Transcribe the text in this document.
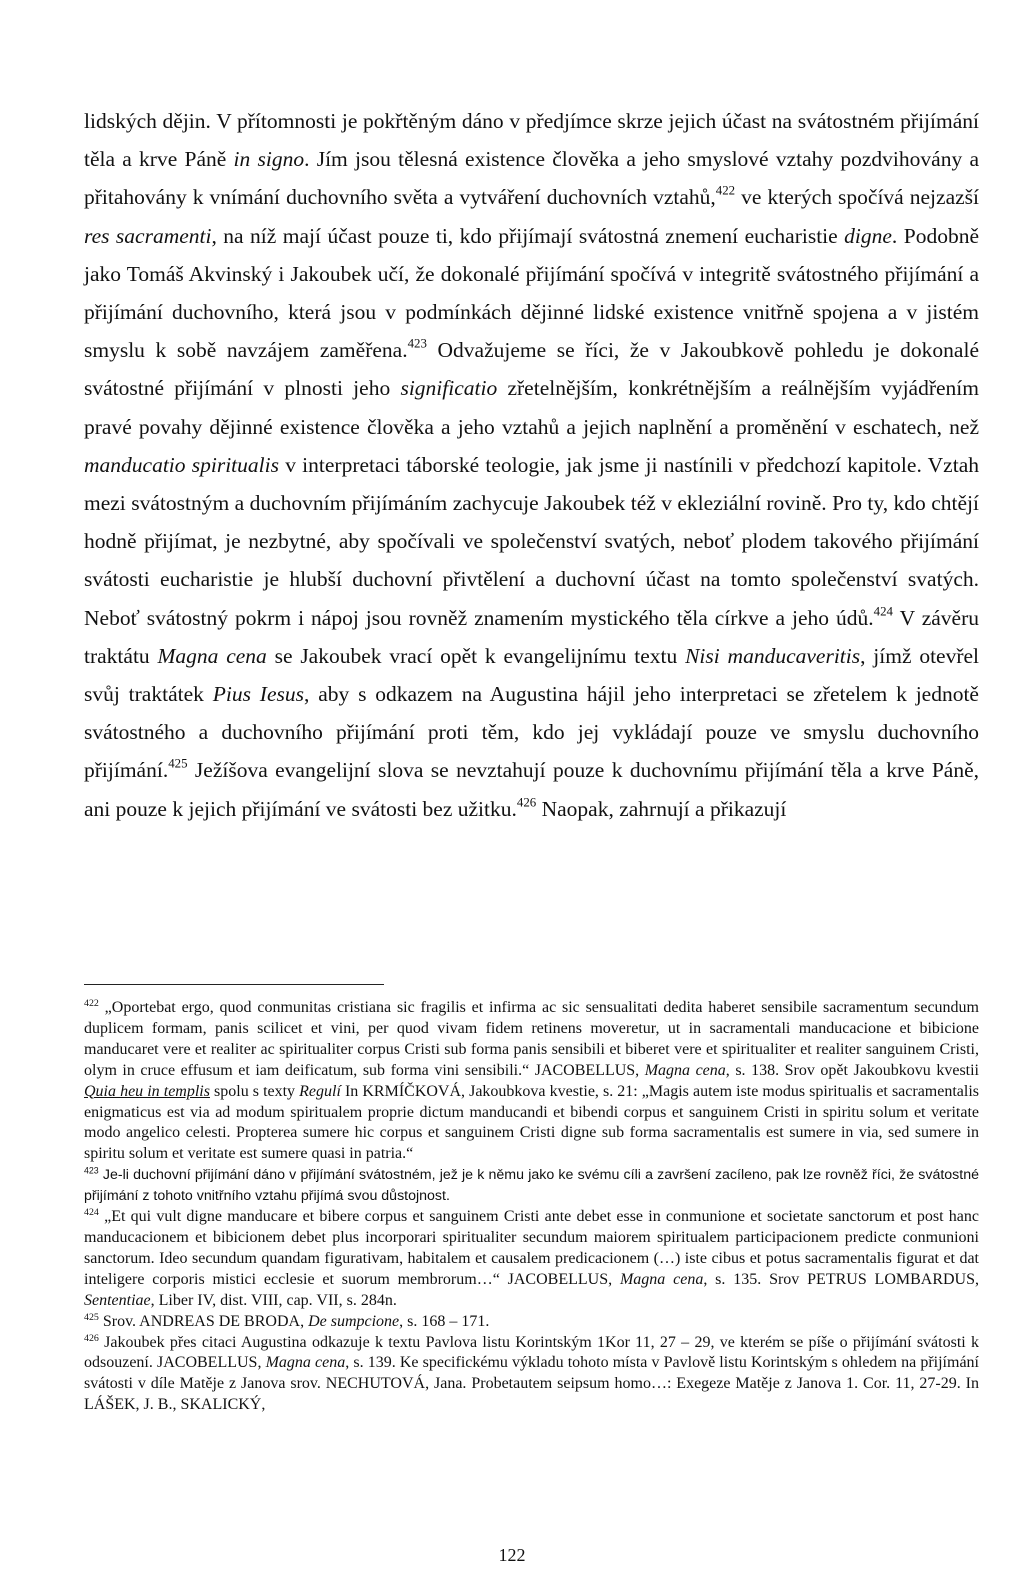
lidských dějin. V přítomnosti je pokřtěným dáno v předjímce skrze jejich účast na svátostném přijímání těla a krve Páně in signo. Jím jsou tělesná existence člověka a jeho smyslové vztahy pozdvihovány a přitahovány k vnímání duchovního světa a vytváření duchovních vztahů,$^{422}$ ve kterých spočívá nejzazší res sacramenti, na níž mají účast pouze ti, kdo přijímají svátostná znemení eucharistie digne. Podobně jako Tomáš Akvinský i Jakoubek učí, že dokonalé přijímání spočívá v integritě svátostného přijímání a přijímání duchovního, která jsou v podmínkách dějinné lidské existence vnitřně spojena a v jistém smyslu k sobě navzájem zaměřena.$^{423}$ Odvažujeme se říci, že v Jakoubkově pohledu je dokonalé svátostné přijímání v plnosti jeho significatio zřetelnějším, konkrétnějším a reálnějším vyjádřením pravé povahy dějinné existence člověka a jeho vztahů a jejich naplnění a proměnění v eschatech, než manducatio spiritualis v interpretaci táborské teologie, jak jsme ji nastínili v předchozí kapitole. Vztah mezi svátostným a duchovním přijímáním zachycuje Jakoubek též v ekleziální rovině. Pro ty, kdo chtějí hodně přijímat, je nezbytné, aby spočívali ve společenství svatých, neboť plodem takového přijímání svátosti eucharistie je hlubší duchovní přivtělení a duchovní účast na tomto společenství svatých. Neboť svátostný pokrm i nápoj jsou rovněž znamením mystického těla církve a jeho údů.$^{424}$ V závěru traktátu Magna cena se Jakoubek vrací opět k evangelijnímu textu Nisi manducaveritis, jímž otevřel svůj traktátek Pius Iesus, aby s odkazem na Augustina hájil jeho interpretaci se zřetelem k jednotě svátostného a duchovního přijímání proti těm, kdo jej vykládají pouze ve smyslu duchovního přijímání.$^{425}$ Ježíšova evangelijní slova se nevztahují pouze k duchovnímu přijímání těla a krve Páně, ani pouze k jejich přijímání ve svátosti bez užitku.$^{426}$ Naopak, zahrnují a přikazují

$^{422}$ „Oportebat ergo, quod conmunitas cristiana sic fragilis et infirma ac sic sensualitati dedita haberet sensibile sacramentum secundum duplicem formam, panis scilicet et vini, per quod vivam fidem retinens moveretur, ut in sacramentali manducacione et bibicione manducaret vere et realiter ac spiritualiter corpus Cristi sub forma panis sensibili et biberet vere et spiritualiter et realiter sanguinem Cristi, olym in cruce effusum et iam deificatum, sub forma vini sensibili.“ JACOBELLUS, Magna cena, s. 138. Srov opět Jakoubkovu kvestii Quia heu in templis spolu s texty Regulí In KRMÍČKOVÁ, Jakoubkova kvestie, s. 21: „Magis autem iste modus spiritualis et sacramentalis enigmaticus est via ad modum spiritualem proprie dictum manducandi et bibendi corpus et sanguinem Cristi in spiritu solum et veritate modo angelico celesti. Propterea sumere hic corpus et sanguinem Cristi digne sub forma sacramentalis est sumere in via, sed sumere in spiritu solum et veritate est sumere quasi in patria.“

$^{423}$ Je-li duchovní přijímání dáno v přijímání svátostném, jež je k němu jako ke svému cíli a završení zacíleno, pak lze rovněž říci, že svátostné přijímání z tohoto vnitřního vztahu přijímá svou důstojnost.

$^{424}$ „Et qui vult digne manducare et bibere corpus et sanguinem Cristi ante debet esse in conmunione et societate sanctorum et post hanc manducacionem et bibicionem debet plus incorporari spiritualiter secundum maiorem spiritualem participacionem predicte conmunioni sanctorum. Ideo secundum quandam figurativam, habitalem et causalem predicacionem (…) iste cibus et potus sacramentalis figurat et dat inteligere corporis mistici ecclesie et suorum membrorum…“ JACOBELLUS, Magna cena, s. 135. Srov PETRUS LOMBARDUS, Sententiae, Liber IV, dist. VIII, cap. VII, s. 284n.

$^{425}$ Srov. ANDREAS DE BRODA, De sumpcione, s. 168 – 171.

$^{426}$ Jakoubek přes citaci Augustina odkazuje k textu Pavlova listu Korintským 1Kor 11, 27 – 29, ve kterém se píše o přijímání svátosti k odsouzení. JACOBELLUS, Magna cena, s. 139. Ke specifickému výkladu tohoto místa v Pavlově listu Korintským s ohledem na přijímání svátosti v díle Matěje z Janova srov. NECHUTOVÁ, Jana. Probetautem seipsum homo…: Exegeze Matěje z Janova 1. Cor. 11, 27-29. In LÁŠEK, J. B., SKALICKÝ,

122
